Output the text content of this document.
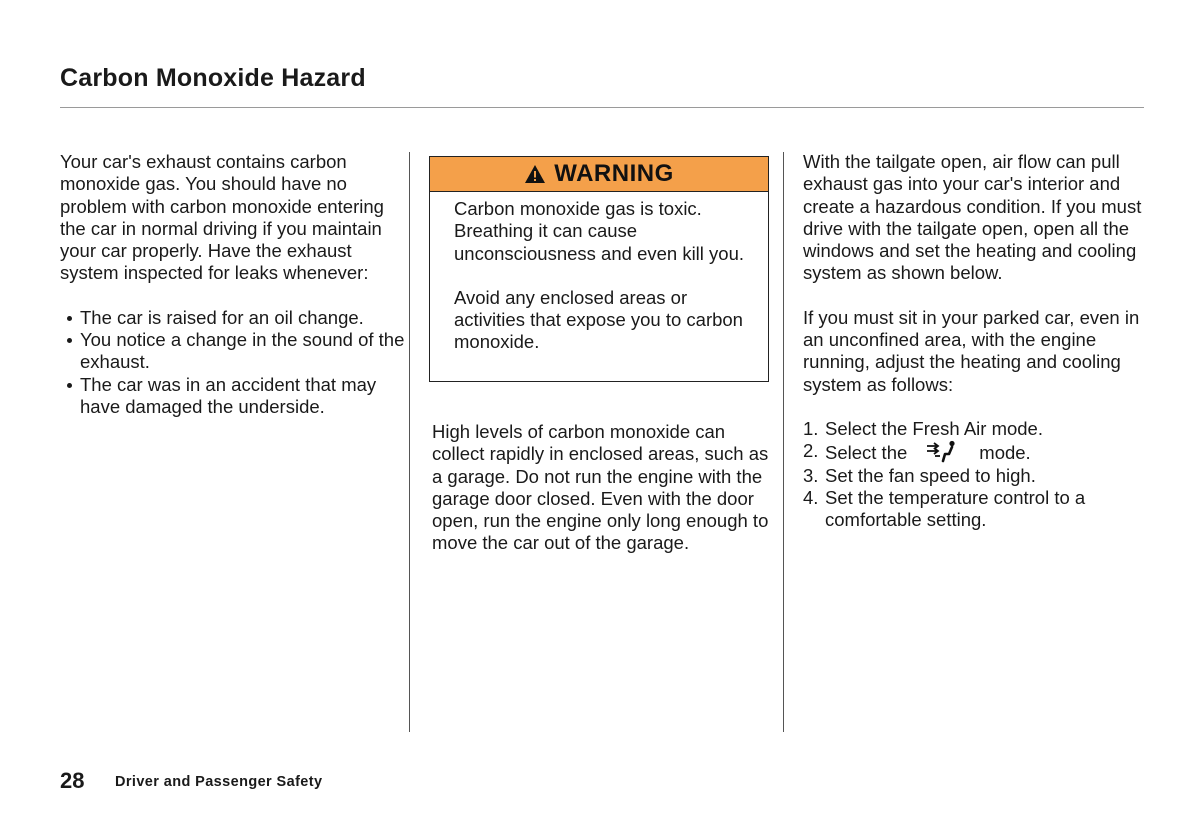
Carbon Monoxide Hazard

Your car's exhaust contains carbon monoxide gas. You should have no problem with carbon monoxide entering the car in normal driving if you maintain your car properly. Have the exhaust system inspected for leaks whenever:

The car is raised for an oil change.
You notice a change in the sound of the exhaust.
The car was in an accident that may have damaged the underside.
WARNING

Carbon monoxide gas is toxic. Breathing it can cause unconsciousness and even kill you.

Avoid any enclosed areas or activities that expose you to carbon monoxide.

High levels of carbon monoxide can collect rapidly in enclosed areas, such as a garage. Do not run the engine with the garage door closed. Even with the door open, run the engine only long enough to move the car out of the garage.

With the tailgate open, air flow can pull exhaust gas into your car's interior and create a hazardous condition. If you must drive with the tailgate open, open all the windows and set the heating and cooling system as shown below.

If you must sit in your parked car, even in an unconfined area, with the engine running, adjust the heating and cooling system as follows:

1. Select the Fresh Air mode.
2. Select the	mode.
3. Set the fan speed to high.
4. Set the temperature control to a comfortable setting.
28 Driver and Passenger Safety
